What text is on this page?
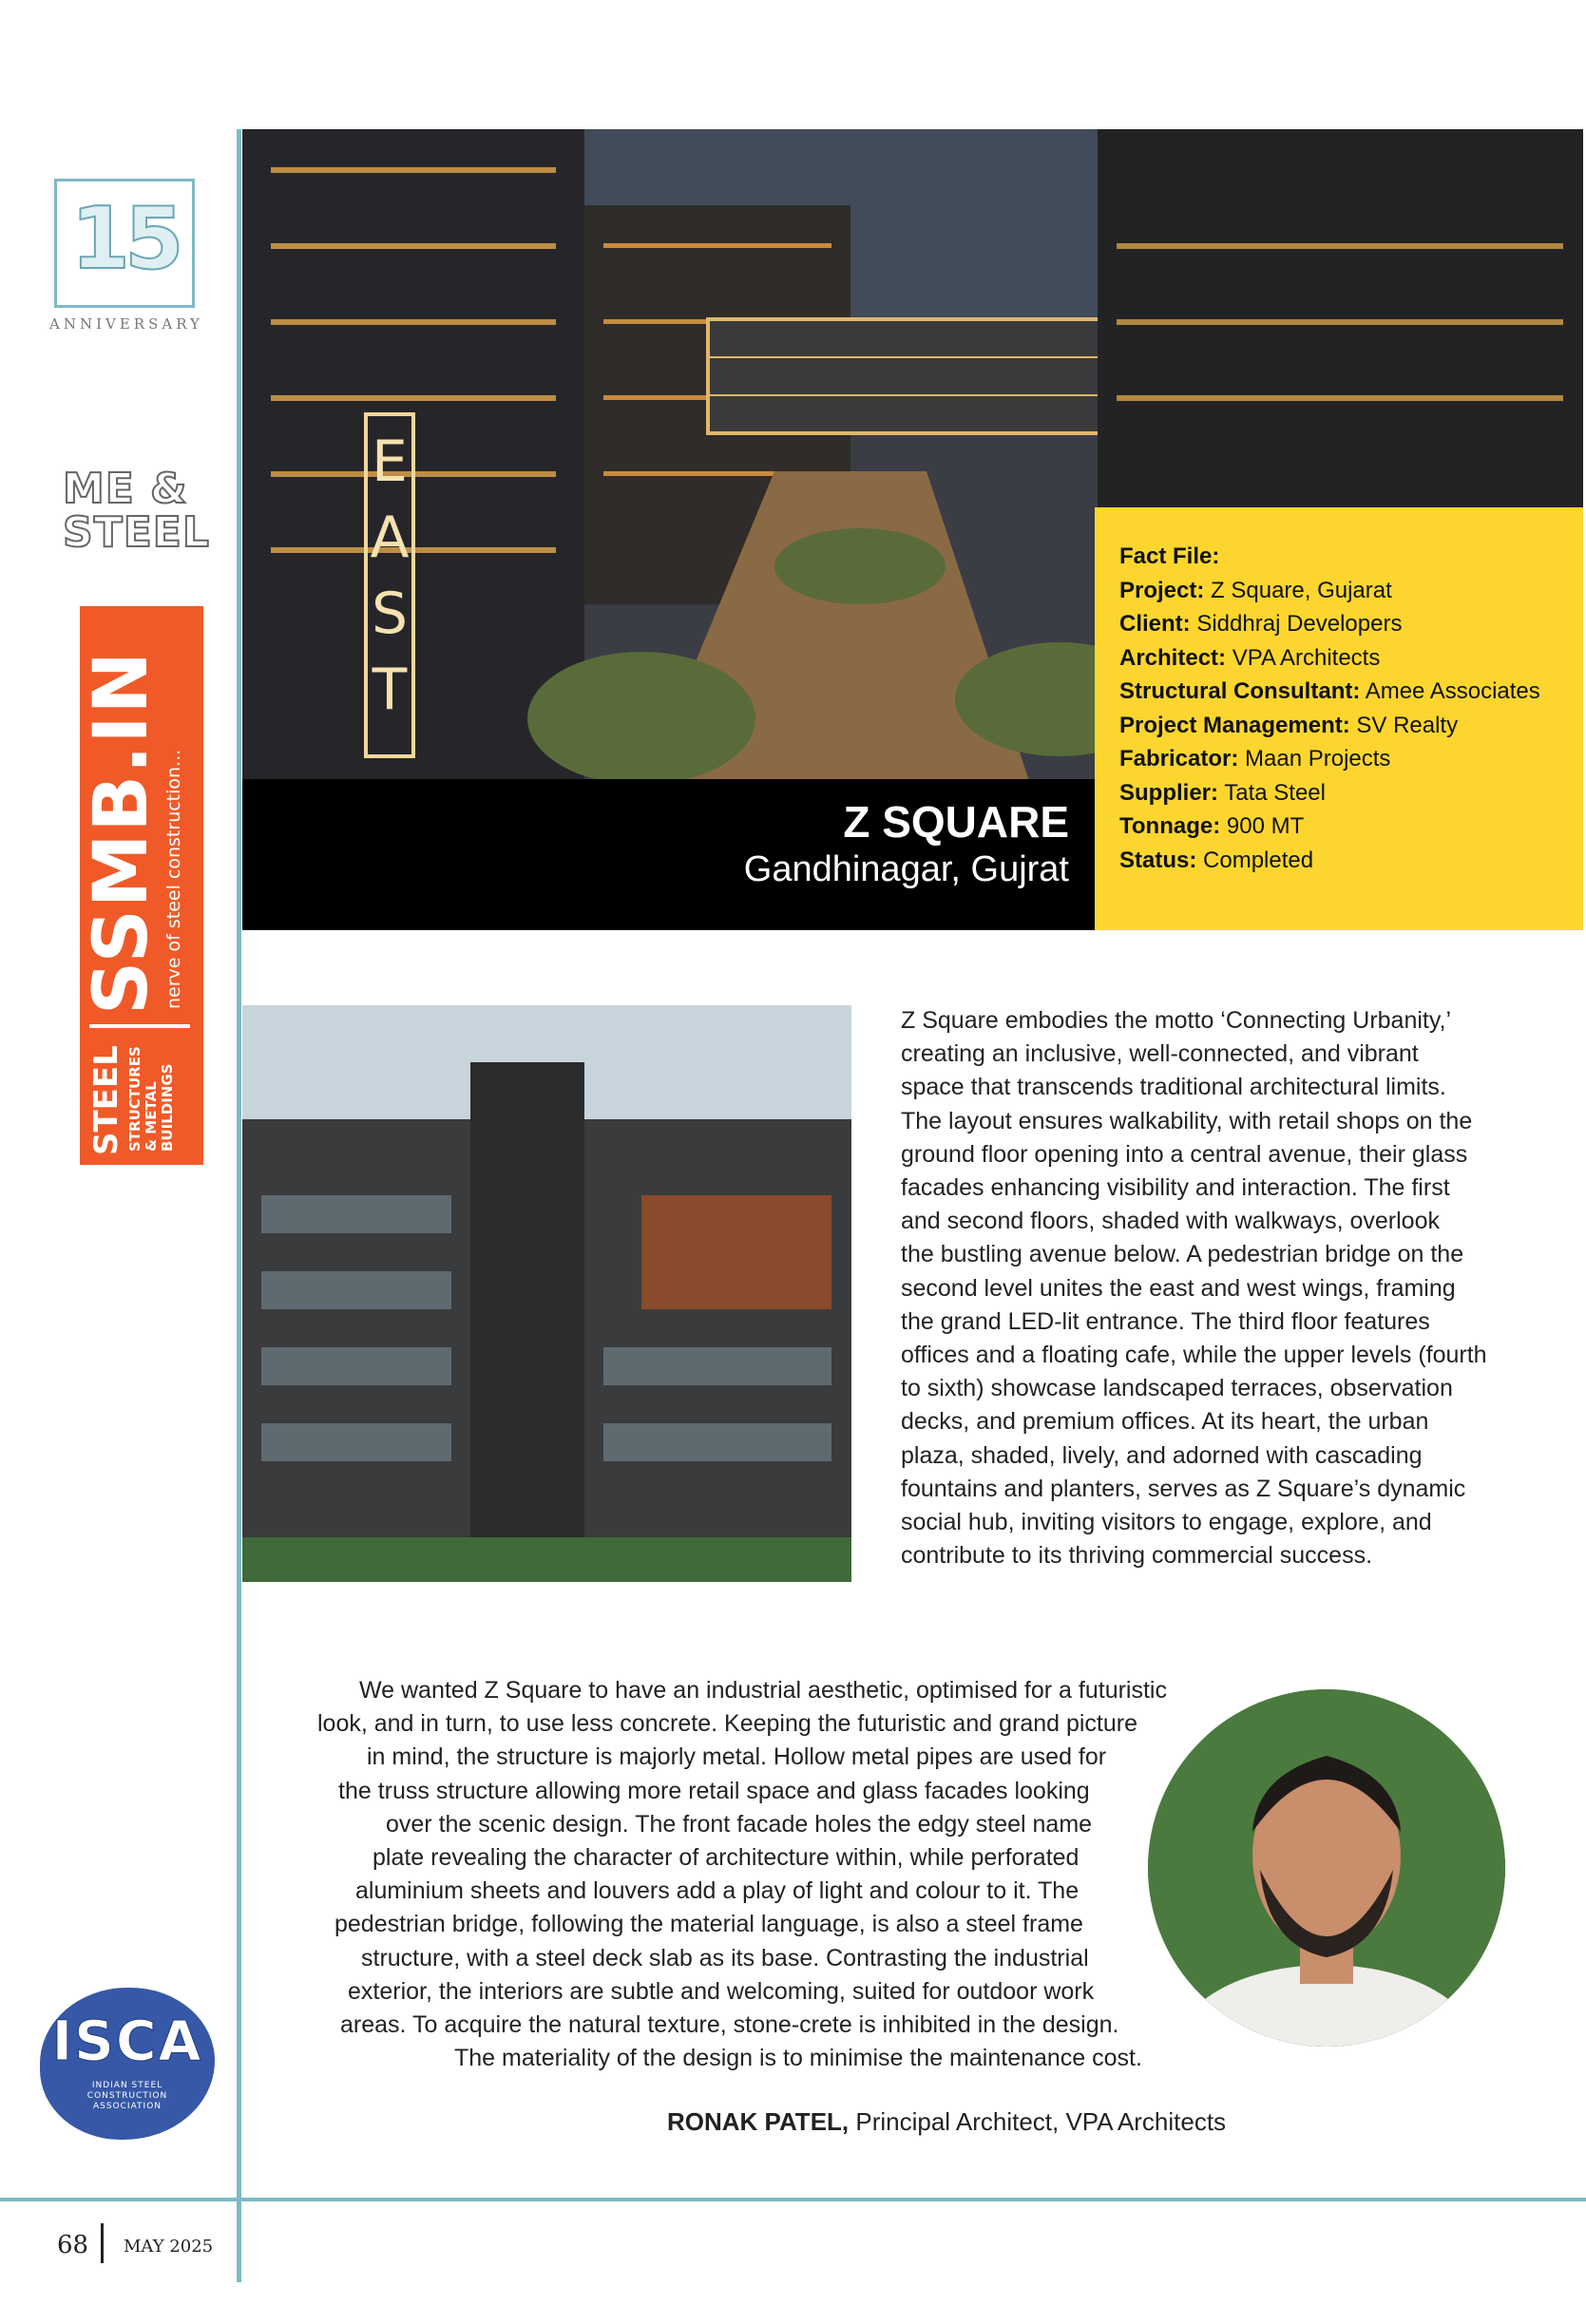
15
ANNIVERSARY
ME &
STEEL
STEEL STRUCTURES & METAL BUILDINGS
SSMB.IN nerve of steel construction...
E
A
S
T
Z SQUARE
Gandhinagar, Gujrat
Fact File:
Project: Z Square, Gujarat
Client: Siddhraj Developers
Architect: VPA Architects
Structural Consultant: Amee Associates
Project Management: SV Realty
Fabricator: Maan Projects
Supplier: Tata Steel
Tonnage: 900 MT
Status: Completed
Z Square embodies the motto ‘Connecting Urbanity,’
creating an inclusive, well-connected, and vibrant
space that transcends traditional architectural limits.
The layout ensures walkability, with retail shops on the
ground floor opening into a central avenue, their glass
facades enhancing visibility and interaction. The first
and second floors, shaded with walkways, overlook
the bustling avenue below. A pedestrian bridge on the
second level unites the east and west wings, framing
the grand LED-lit entrance. The third floor features
offices and a floating cafe, while the upper levels (fourth
to sixth) showcase landscaped terraces, observation
decks, and premium offices. At its heart, the urban
plaza, shaded, lively, and adorned with cascading
fountains and planters, serves as Z Square’s dynamic
social hub, inviting visitors to engage, explore, and
contribute to its thriving commercial success.
We wanted Z Square to have an industrial aesthetic, optimised for a futuristic
look, and in turn, to use less concrete. Keeping the futuristic and grand picture
in mind, the structure is majorly metal. Hollow metal pipes are used for
the truss structure allowing more retail space and glass facades looking
over the scenic design. The front facade holes the edgy steel name
plate revealing the character of architecture within, while perforated
aluminium sheets and louvers add a play of light and colour to it. The
pedestrian bridge, following the material language, is also a steel frame
structure, with a steel deck slab as its base. Contrasting the industrial
exterior, the interiors are subtle and welcoming, suited for outdoor work
areas. To acquire the natural texture, stone-crete is inhibited in the design.
The materiality of the design is to minimise the maintenance cost.
RONAK PATEL, Principal Architect, VPA Architects
ISCA
INDIAN STEEL
CONSTRUCTION
ASSOCIATION
68 MAY 2025
